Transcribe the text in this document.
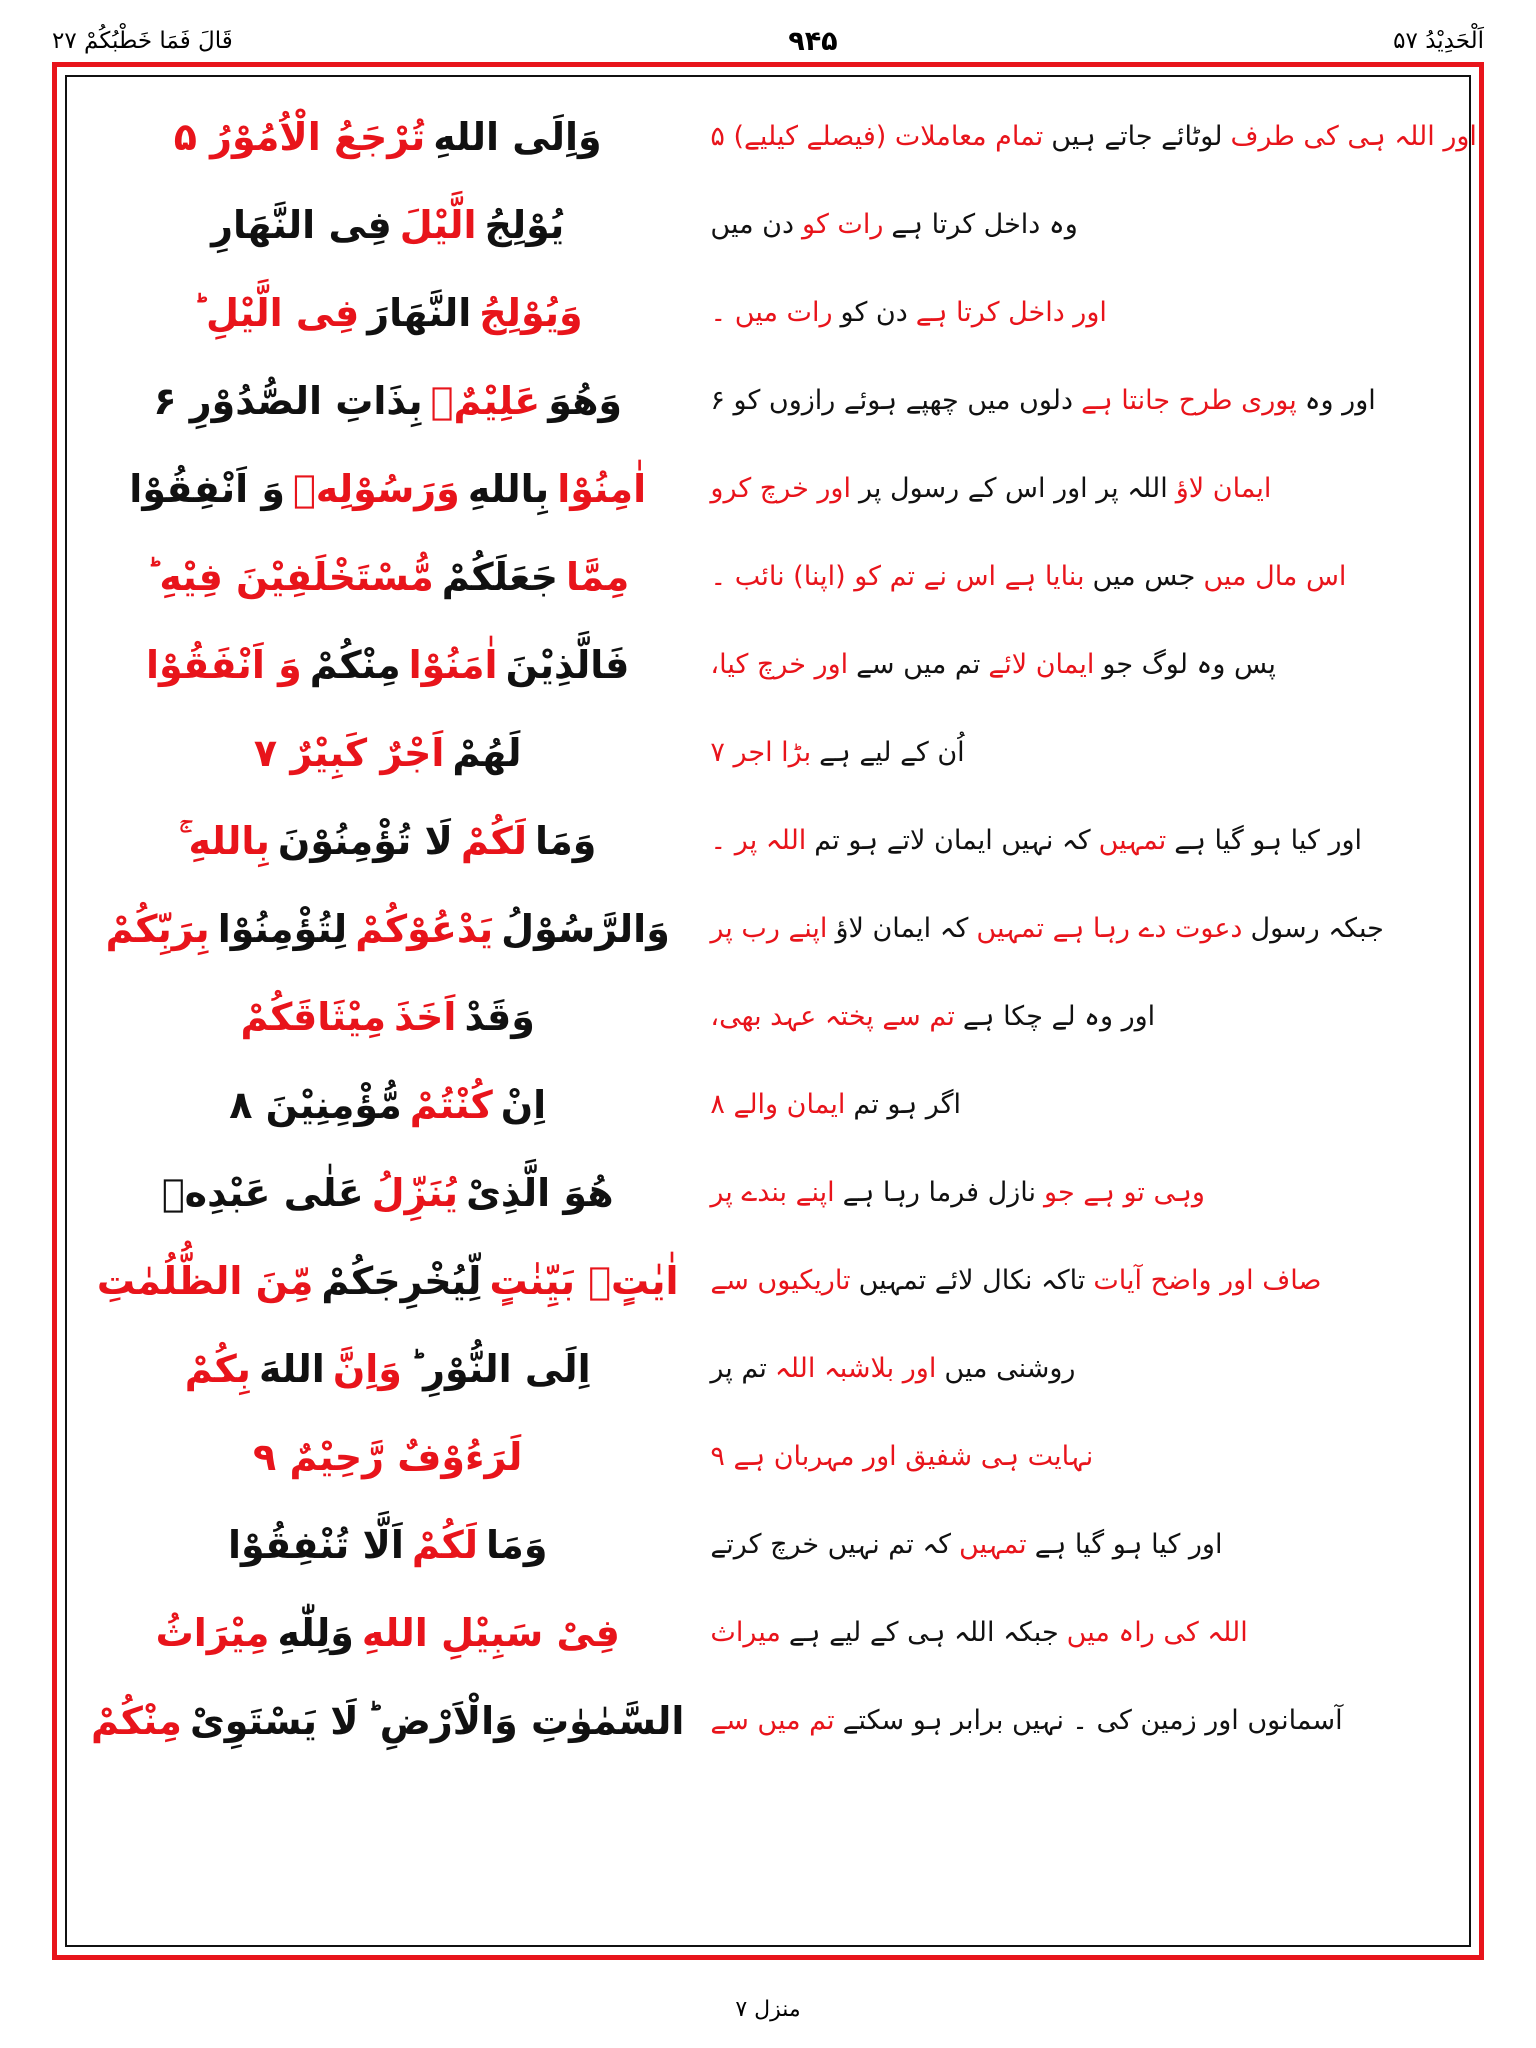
اَلْحَدِيْدُ ۵۷
۹۴۵
قَالَ فَمَا خَطْبُكُمْ ۲۷
وَاِلَى اللهِ
تُرْجَعُ الْاُمُوْرُ ۵
يُوْلِجُ
الَّيْلَ
فِى النَّهَارِ
وَيُوْلِجُ
النَّهَارَ
فِى الَّيْلِ ؕ
وَهُوَ
عَلِيْمٌۢ
بِذَاتِ الصُّدُوْرِ ۶
اٰمِنُوْا
بِاللهِ
وَرَسُوْلِهٖ
وَ اَنْفِقُوْا
مِمَّا
جَعَلَكُمْ
مُّسْتَخْلَفِيْنَ فِيْهِ ؕ
فَالَّذِيْنَ
اٰمَنُوْا
مِنْكُمْ
وَ اَنْفَقُوْا
لَهُمْ
اَجْرٌ كَبِيْرٌ ۷
وَمَا
لَكُمْ
لَا تُؤْمِنُوْنَ
بِاللهِ ۚ
وَالرَّسُوْلُ
يَدْعُوْكُمْ
لِتُؤْمِنُوْا
بِرَبِّكُمْ
وَقَدْ
اَخَذَ
مِيْثَاقَكُمْ
اِنْ
كُنْتُمْ
مُّؤْمِنِيْنَ ۸
هُوَ الَّذِىْ
يُنَزِّلُ
عَلٰى عَبْدِهٖ
اٰيٰتٍۭ بَيِّنٰتٍ
لِّيُخْرِجَكُمْ
مِّنَ الظُّلُمٰتِ
اِلَى النُّوْرِ ؕ
وَاِنَّ
اللهَ
بِكُمْ
لَرَءُوْفٌ رَّحِيْمٌ ۹
وَمَا
لَكُمْ
اَلَّا تُنْفِقُوْا
فِىْ سَبِيْلِ اللهِ
وَلِلّٰهِ
مِيْرَاثُ
السَّمٰوٰتِ وَالْاَرْضِ ؕ
لَا يَسْتَوِىْ
مِنْكُمْ
اور اللہ ہی کی طرف
لوٹائے جاتے ہیں
تمام معاملات (فیصلے کیلیے) ۵
وہ داخل کرتا ہے
رات کو
دن میں
اور داخل کرتا ہے
دن کو
رات میں ۔
اور وہ
پوری طرح جانتا ہے
دلوں میں چھپے ہوئے رازوں کو ۶
ایمان لاؤ
اللہ پر اور اس کے رسول پر
اور خرچ کرو
اس مال میں
جس میں
بنایا ہے اس نے تم کو (اپنا) نائب ۔
پس وہ لوگ جو
ایمان لائے
تم میں سے
اور خرچ کیا،
اُن کے لیے ہے
بڑا اجر ۷
اور کیا ہو گیا ہے
تمہیں
کہ نہیں ایمان لاتے ہو تم
اللہ پر ۔
جبکہ رسول
دعوت دے رہا ہے تمہیں
کہ ایمان لاؤ
اپنے رب پر
اور وہ لے چکا ہے
تم سے پختہ عہد بھی،
اگر ہو تم
ایمان والے ۸
وہی تو ہے جو
نازل فرما رہا ہے
اپنے بندے پر
صاف اور واضح آیات
تاکہ نکال لائے تمہیں
تاریکیوں سے
روشنی میں
اور بلاشبہ اللہ
تم پر
نہایت ہی شفیق اور مہربان ہے ۹
اور کیا ہو گیا ہے
تمہیں
کہ تم نہیں خرچ کرتے
اللہ کی راہ میں
جبکہ اللہ ہی کے لیے ہے
میراث
آسمانوں اور زمین کی ۔
نہیں برابر ہو سکتے
تم میں سے
منزل ۷
